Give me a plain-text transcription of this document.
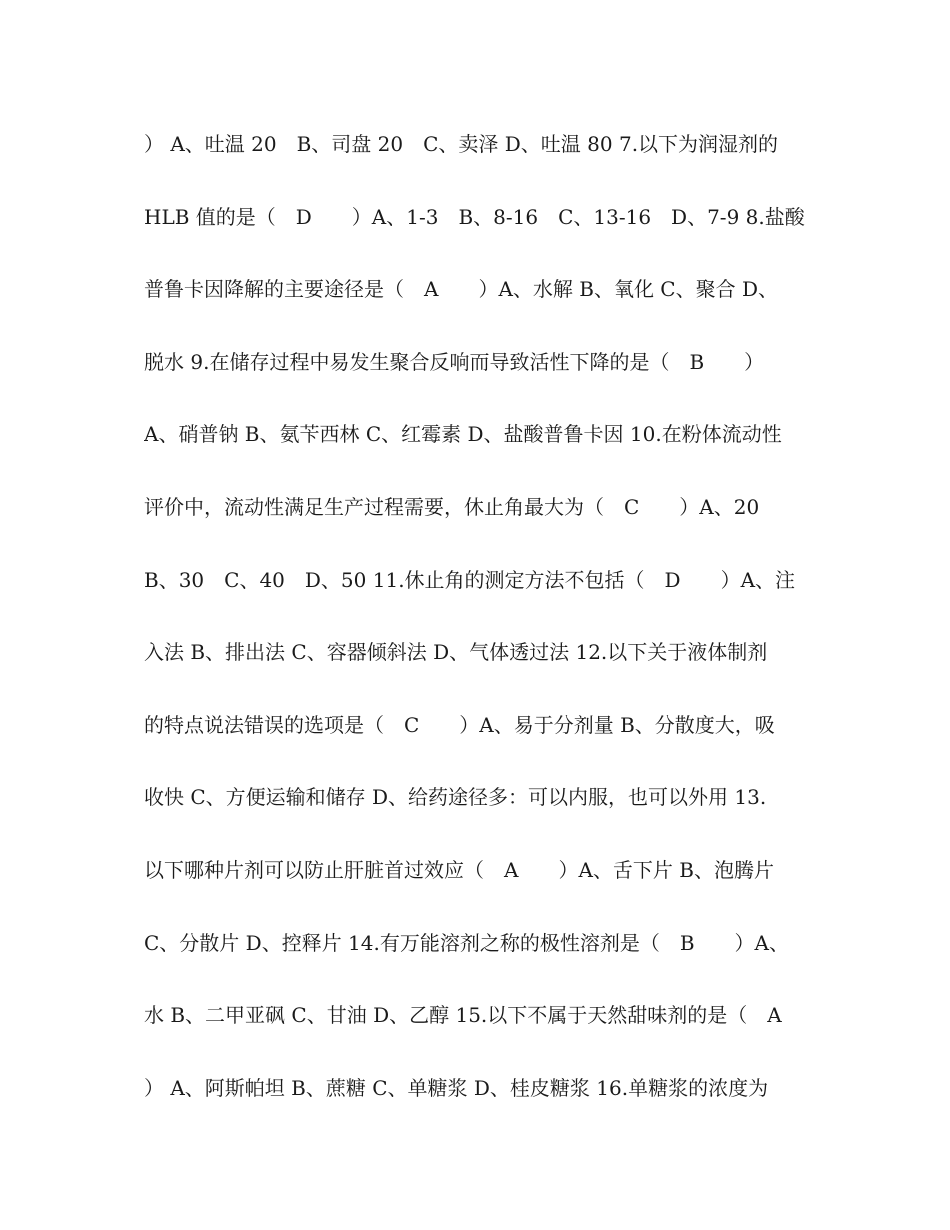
） A、吐温 20　B、司盘 20　C、卖泽 D、吐温 80 7.以下为润湿剂的
HLB 值的是（　D　　）A、1-3　B、8-16　C、13-16　D、7-9 8.盐酸
普鲁卡因降解的主要途径是（　A　　）A、水解 B、氧化 C、聚合 D、
脱水 9.在储存过程中易发生聚合反响而导致活性下降的是（　B　　）
A、硝普钠 B、氨苄西林 C、红霉素 D、盐酸普鲁卡因 10.在粉体流动性
评价中，流动性满足生产过程需要，休止角最大为（　C　　）A、20
B、30　C、40　D、50 11.休止角的测定方法不包括（　D　　）A、注
入法 B、排出法 C、容器倾斜法 D、气体透过法 12.以下关于液体制剂
的特点说法错误的选项是（　C　　）A、易于分剂量 B、分散度大，吸
收快 C、方便运输和储存 D、给药途径多：可以内服，也可以外用 13.
以下哪种片剂可以防止肝脏首过效应（　A　　）A、舌下片 B、泡腾片
C、分散片 D、控释片 14.有万能溶剂之称的极性溶剂是（　B　　）A、
水 B、二甲亚砜 C、甘油 D、乙醇 15.以下不属于天然甜味剂的是（　A
） A、阿斯帕坦 B、蔗糖 C、单糖浆 D、桂皮糖浆 16.单糖浆的浓度为
